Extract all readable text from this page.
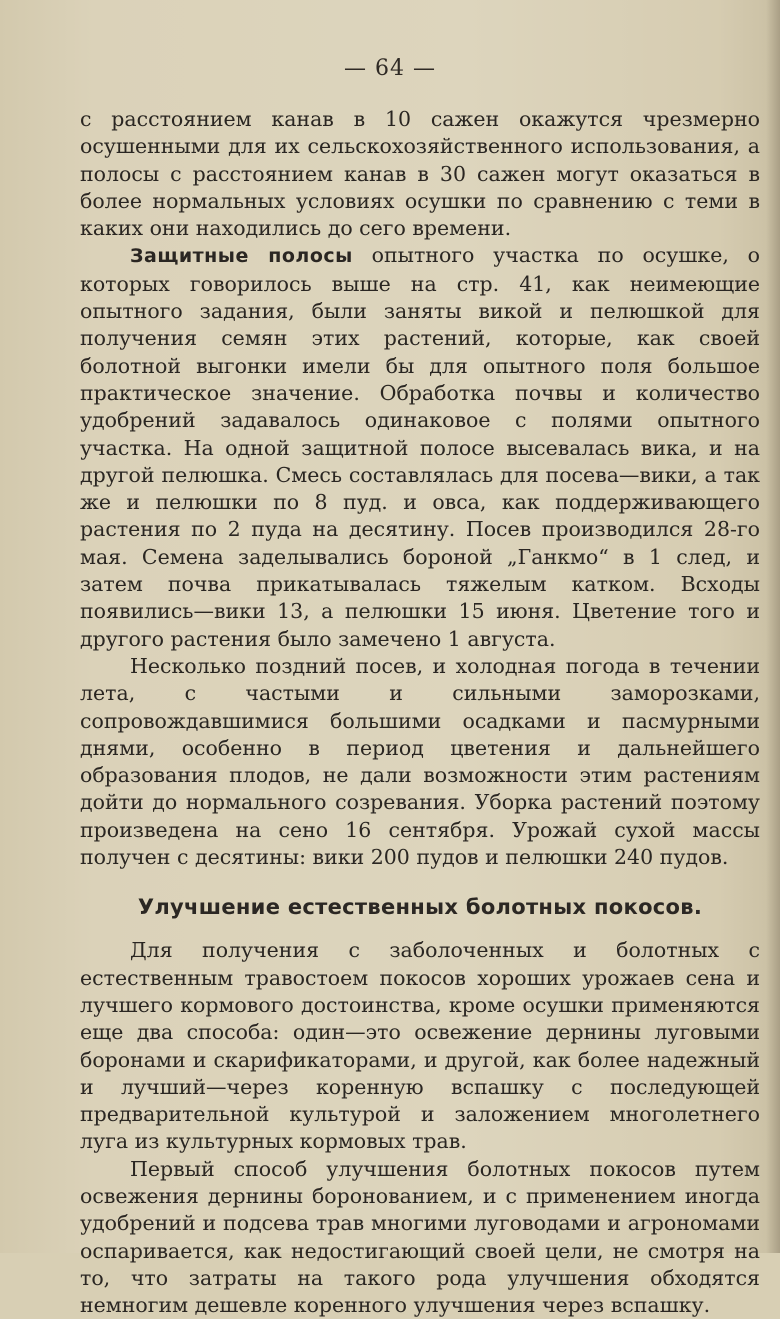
— 64 —

с расстоянием канав в 10 сажен окажутся чрезмерно осушенными для их сельскохозяйственного использования, а полосы с расстоянием канав в 30 сажен могут оказаться в более нормальных условиях осушки по сравнению с теми в каких они находились до сего времени.

Защитные полосы опытного участка по осушке, о которых говорилось выше на стр. 41, как неимеющие опытного задания, были заняты викой и пелюшкой для получения семян этих растений, которые, как своей болотной выгонки имели бы для опытного поля большое практическое значение. Обработка почвы и количество удобрений задавалось одинаковое с полями опытного участка. На одной защитной полосе высевалась вика, и на другой пелюшка. Смесь составлялась для посева—вики, а так же и пелюшки по 8 пуд. и овса, как поддерживающего растения по 2 пуда на десятину. Посев производился 28-го мая. Семена заделывались бороной „Ганкмо“ в 1 след, и затем почва прикатывалась тяжелым катком. Всходы появились—вики 13, а пелюшки 15 июня. Цветение того и другого растения было замечено 1 августа.

Несколько поздний посев, и холодная погода в течении лета, с частыми и сильными заморозками, сопровождавшимися большими осадками и пасмурными днями, особенно в период цветения и дальнейшего образования плодов, не дали возможности этим растениям дойти до нормального созревания. Уборка растений поэтому произведена на сено 16 сентября. Урожай сухой массы получен с десятины: вики 200 пудов и пелюшки 240 пудов.

Улучшение естественных болотных покосов.

Для получения с заболоченных и болотных с естественным травостоем покосов хороших урожаев сена и лучшего кормового достоинства, кроме осушки применяются еще два способа: один—это освежение дернины луговыми боронами и скарификаторами, и другой, как более надежный и лучший—через коренную вспашку с последующей предварительной культурой и заложением многолетнего луга из культурных кормовых трав.

Первый способ улучшения болотных покосов путем освежения дернины боронованием, и с применением иногда удобрений и подсева трав многими луговодами и агрономами оспаривается, как недостигающий своей цели, не смотря на то, что затраты на такого рода улучшения обходятся немногим дешевле коренного улучшения через вспашку.
